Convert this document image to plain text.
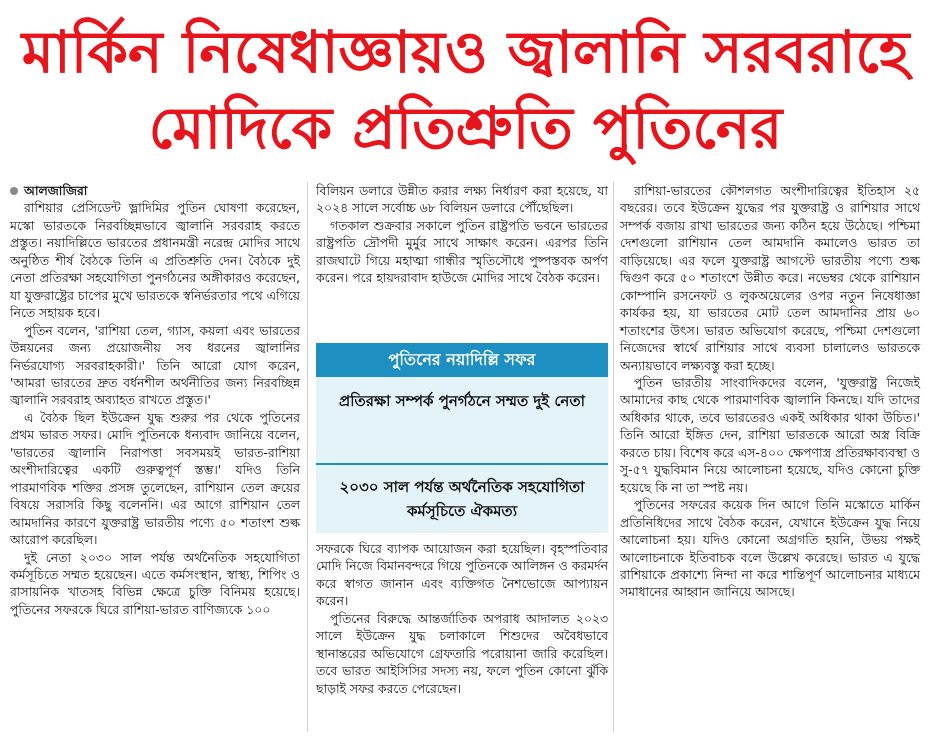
মার্কিন নিষেধাজ্ঞায়ও জ্বালানি সরবরাহে
মোদিকে প্রতিশ্রুতি পুতিনের
আলজাজিরা

রাশিয়ার প্রেসিডেন্ট ভ্লাদিমির পুতিন ঘোষণা করেছেন, মস্কো ভারতকে নিরবচ্ছিন্নভাবে জ্বালানি সরবরাহ করতে প্রস্তুত। নয়াদিল্লিতে ভারতের প্রধানমন্ত্রী নরেন্দ্র মোদির সাথে অনুষ্ঠিত শীর্ষ বৈঠকে তিনি এ প্রতিশ্রুতি দেন। বৈঠকে দুই নেতা প্রতিরক্ষা সহযোগিতা পুনর্গঠনের অঙ্গীকারও করেছেন, যা যুক্তরাষ্ট্রের চাপের মুখে ভারতকে স্বনির্ভরতার পথে এগিয়ে নিতে সহায়ক হবে।

পুতিন বলেন, 'রাশিয়া তেল, গ্যাস, কয়লা এবং ভারতের উন্নয়নের জন্য প্রয়োজনীয় সব ধরনের জ্বালানির নির্ভরযোগ্য সরবরাহকারী।' তিনি আরো যোগ করেন, 'আমরা ভারতের দ্রুত বর্ধনশীল অর্থনীতির জন্য নিরবচ্ছিন্ন জ্বালানি সরবরাহ অব্যাহত রাখতে প্রস্তুত।'

এ বৈঠক ছিল ইউক্রেন যুদ্ধ শুরুর পর থেকে পুতিনের প্রথম ভারত সফর। মোদি পুতিনকে ধন্যবাদ জানিয়ে বলেন, 'ভারতের জ্বালানি নিরাপত্তা সবসময়ই ভারত-রাশিয়া অংশীদারিত্বের একটি গুরুত্বপূর্ণ স্তম্ভ।' যদিও তিনি পারমাণবিক শক্তির প্রসঙ্গ তুলেছেন, রাশিয়ান তেল ক্রয়ের বিষয়ে সরাসরি কিছু বলেননি। এর আগে রাশিয়ান তেল আমদানির কারণে যুক্তরাষ্ট্র ভারতীয় পণ্যে ৫০ শতাংশ শুল্ক আরোপ করেছিল।

দুই নেতা ২০৩০ সাল পর্যন্ত অর্থনৈতিক সহযোগিতা কর্মসূচিতে সম্মত হয়েছেন। এতে কর্মসংস্থান, স্বাস্থ্য, শিপিং ও রাসায়নিক খাতসহ বিভিন্ন ক্ষেত্রে চুক্তি বিনিময় হয়েছে। পুতিনের সফরকে ঘিরে রাশিয়া-ভারত বাণিজ্যকে ১০০

বিলিয়ন ডলারে উন্নীত করার লক্ষ্য নির্ধারণ করা হয়েছে, যা ২০২৪ সালে সর্বোচ্চ ৬৮ বিলিয়ন ডলারে পৌঁছেছিল।

গতকাল শুক্রবার সকালে পুতিন রাষ্ট্রপতি ভবনে ভারতের রাষ্ট্রপতি দ্রৌপদী মুর্মুর সাথে সাক্ষাৎ করেন। এরপর তিনি রাজঘাটে গিয়ে মহাত্মা গান্ধীর স্মৃতিসৌধে পুষ্পস্তবক অর্পণ করেন। পরে হায়দরাবাদ হাউজে মোদির সাথে বৈঠক করেন।

পুতিনের নয়াদিল্লি সফর
প্রতিরক্ষা সম্পর্ক পুনর্গঠনে সম্মত দুই নেতা
২০৩০ সাল পর্যন্ত অর্থনৈতিক সহযোগিতা কর্মসূচিতে ঐকমত্য

সফরকে ঘিরে ব্যাপক আয়োজন করা হয়েছিল। বৃহস্পতিবার মোদি নিজে বিমানবন্দরে গিয়ে পুতিনকে আলিঙ্গন ও করমর্দন করে স্বাগত জানান এবং ব্যক্তিগত নৈশভোজে আপ্যায়ন করেন।

পুতিনের বিরুদ্ধে আন্তর্জাতিক অপরাধ আদালত ২০২৩ সালে ইউক্রেন যুদ্ধ চলাকালে শিশুদের অবৈধভাবে স্থানান্তরের অভিযোগে গ্রেফতারি পরোয়ানা জারি করেছিল। তবে ভারত আইসিসির সদস্য নয়, ফলে পুতিন কোনো ঝুঁকি ছাড়াই সফর করতে পেরেছেন।

রাশিয়া-ভারতের কৌশলগত অংশীদারিত্বের ইতিহাস ২৫ বছরের। তবে ইউক্রেন যুদ্ধের পর যুক্তরাষ্ট্র ও রাশিয়ার সাথে সম্পর্ক বজায় রাখা ভারতের জন্য কঠিন হয়ে উঠেছে। পশ্চিমা দেশগুলো রাশিয়ান তেল আমদানি কমালেও ভারত তা বাড়িয়েছে। এর ফলে যুক্তরাষ্ট্র আগস্টে ভারতীয় পণ্যে শুল্ক দ্বিগুণ করে ৫০ শতাংশে উন্নীত করে। নভেম্বর থেকে রাশিয়ান কোম্পানি রসনেফট ও লুকঅয়েলের ওপর নতুন নিষেধাজ্ঞা কার্যকর হয়, যা ভারতের মোট তেল আমদানির প্রায় ৬০ শতাংশের উৎস। ভারত অভিযোগ করেছে, পশ্চিমা দেশগুলো নিজেদের স্বার্থে রাশিয়ার সাথে ব্যবসা চালালেও ভারতকে অন্যায়ভাবে লক্ষ্যবস্তু করা হচ্ছে।

পুতিন ভারতীয় সাংবাদিকদের বলেন, 'যুক্তরাষ্ট্র নিজেই আমাদের কাছ থেকে পারমাণবিক জ্বালানি কিনছে। যদি তাদের অধিকার থাকে, তবে ভারতেরও একই অধিকার থাকা উচিত।' তিনি আরো ইঙ্গিত দেন, রাশিয়া ভারতকে আরো অস্ত্র বিক্রি করতে চায়। বিশেষ করে এস-৪০০ ক্ষেপণাস্ত্র প্রতিরক্ষাব্যবস্থা ও সু-৫৭ যুদ্ধবিমান নিয়ে আলোচনা হয়েছে, যদিও কোনো চুক্তি হয়েছে কি না তা স্পষ্ট নয়।

পুতিনের সফরের কয়েক দিন আগে তিনি মস্কোতে মার্কিন প্রতিনিধিদের সাথে বৈঠক করেন, যেখানে ইউক্রেন যুদ্ধ নিয়ে আলোচনা হয়। যদিও কোনো অগ্রগতি হয়নি, উভয় পক্ষই আলোচনাকে ইতিবাচক বলে উল্লেখ করেছে। ভারত এ যুদ্ধে রাশিয়াকে প্রকাশ্যে নিন্দা না করে শান্তিপূর্ণ আলোচনার মাধ্যমে সমাধানের আহ্বান জানিয়ে আসছে।
